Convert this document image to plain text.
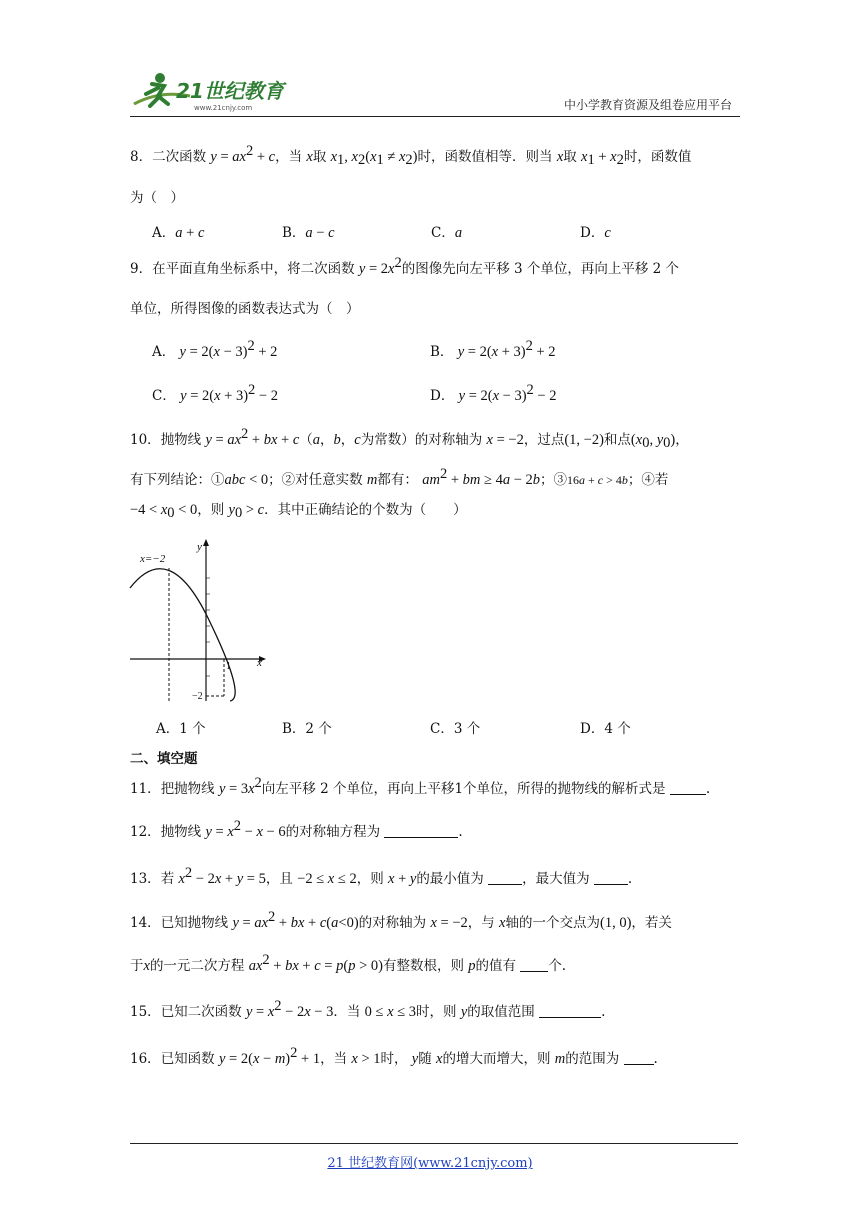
21世纪教育
www.21cnjy.com	中小学教育资源及组卷应用平台
8．二次函数 $y = ax^2 + c$，当 x取 $x_1$, $x_2(x_1 \ne x_2)$时，函数值相等．则当 x取 $x_1 + x_2$时，函数值
为（　）
A．a + c	B．a − c	C．a	D．c
9．在平面直角坐标系中，将二次函数 $y = 2x^2$的图像先向左平移 3 个单位，再向上平移 2 个
单位，所得图像的函数表达式为（　）
A． $y = 2(x - 3)^2 + 2$	B． $y = 2(x + 3)^2 + 2$
C． $y = 2(x + 3)^2 - 2$	D． $y = 2(x - 3)^2 - 2$
10．抛物线 $y = ax^2$ + bx + c（a，b，c为常数）的对称轴为 x = −2，过点(1, −2)和点($x_0$, $y_0$)，
有下列结论：①abc < 0；②对任意实数 m都有： $am^2$ + bm ≥ 4a − 2b；③16a + c > 4b；④若
$-4 < x_0 < 0$，则 $y_0 > c$．其中正确结论的个数为（　　）
x=−2
y
x
1
−2
A．1 个	B．2 个	C．3 个	D．4 个
二、填空题
11．把抛物线 $y = 3x^2$向左平移 2 个单位，再向上平移1个单位，所得的抛物线的解析式是	.
12．抛物线 $y = x^2 - x - 6$的对称轴方程为	.
13．若 $x^2 - 2x + y = 5$，且 −2 ≤ x ≤ 2，则 x + y的最小值为	，最大值为	.
14．已知抛物线 $y = ax^2$ + bx + c(a<0)的对称轴为 x = −2，与 x轴的一个交点为(1, 0)，若关
于x的一元二次方程 $ax^2$ + bx + c = p(p > 0)有整数根，则 p的值有 个.
15．已知二次函数 $y = x^2 - 2x - 3$．当 0 ≤ x ≤ 3时，则 y的取值范围	.
16．已知函数 $y = 2(x - m)^2 + 1$，当 x > 1时， y随 x的增大而增大，则 m的范围为	.
21 世纪教育网(www.21cnjy.com)
